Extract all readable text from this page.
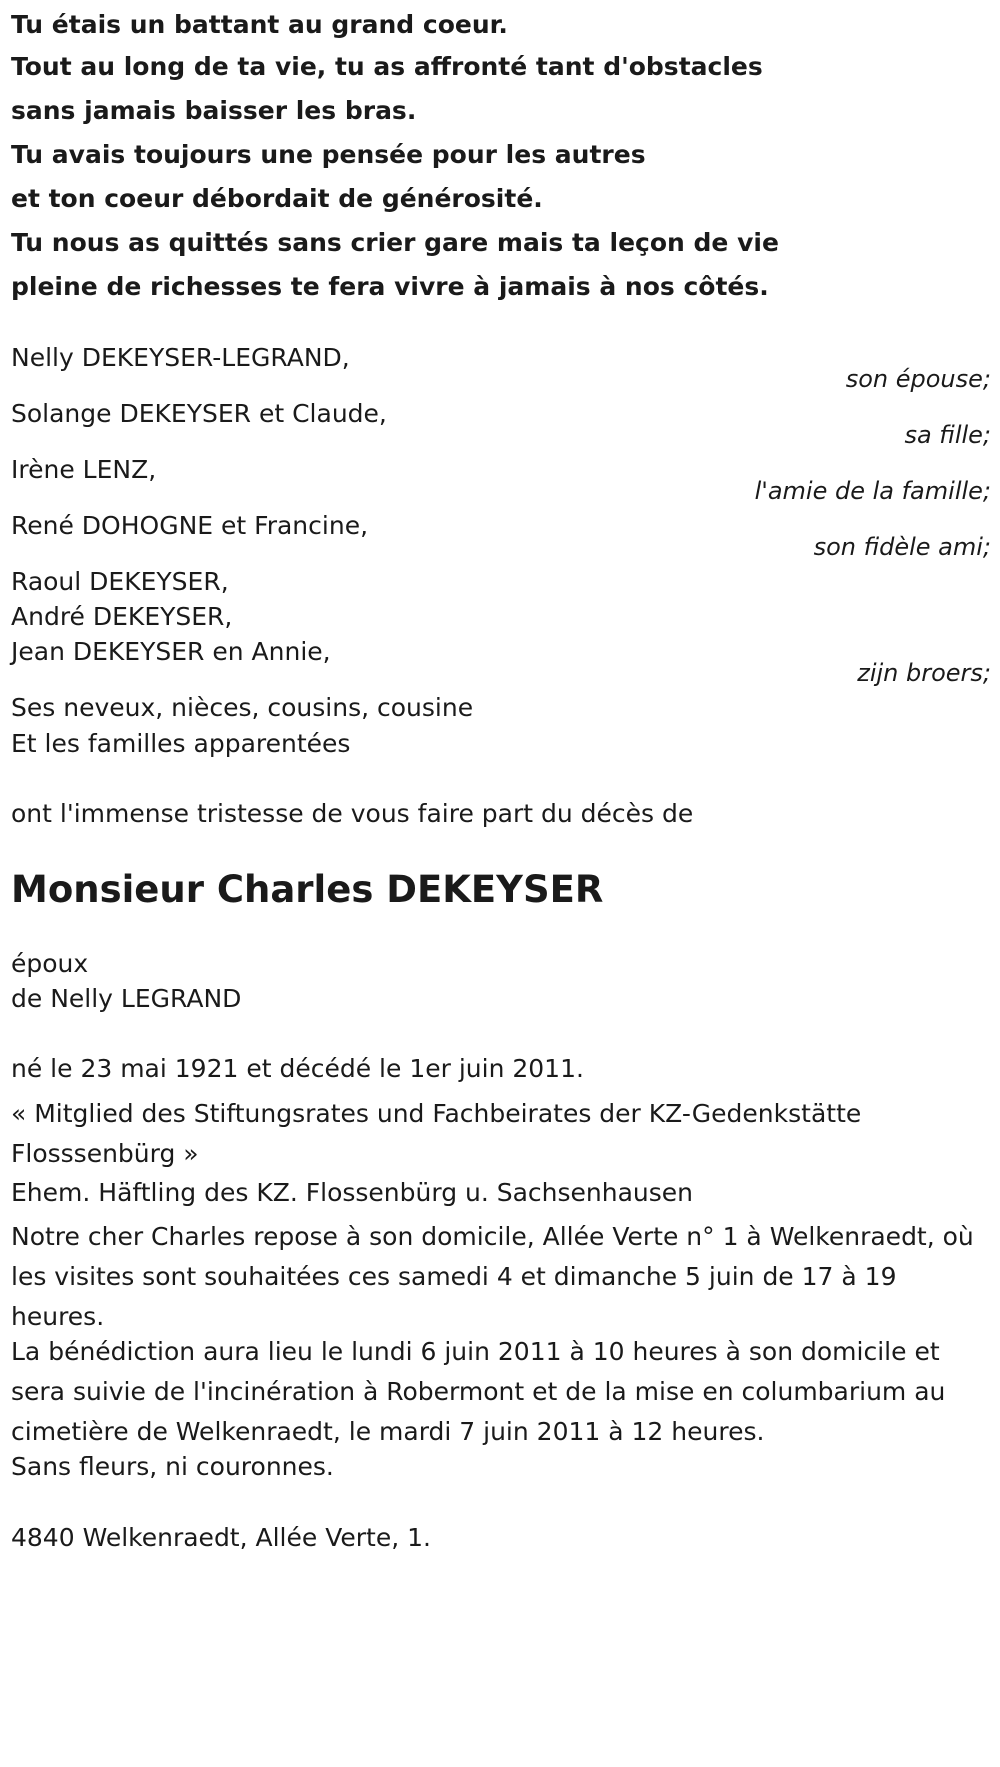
Tu étais un battant au grand coeur.
Tout au long de ta vie, tu as affronté tant d'obstacles
sans jamais baisser les bras.
Tu avais toujours une pensée pour les autres
et ton coeur débordait de générosité.
Tu nous as quittés sans crier gare mais ta leçon de vie
pleine de richesses te fera vivre à jamais à nos côtés.
Nelly DEKEYSER-LEGRAND,
son épouse;
Solange DEKEYSER et Claude,
sa fille;
Irène LENZ,
l'amie de la famille;
René DOHOGNE et Francine,
son fidèle ami;
Raoul DEKEYSER,
André DEKEYSER,
Jean DEKEYSER en Annie,
zijn broers;
Ses neveux, nièces, cousins, cousine
Et les familles apparentées
ont l'immense tristesse de vous faire part du décès de
Monsieur Charles DEKEYSER
époux
de Nelly LEGRAND
né le 23 mai 1921 et décédé le 1er juin 2011.
« Mitglied des Stiftungsrates und Fachbeirates der KZ-Gedenkstätte Flosssenbürg »
Ehem. Häftling des KZ. Flossenbürg u. Sachsenhausen
Notre cher Charles repose à son domicile, Allée Verte n° 1 à Welkenraedt, où les visites sont souhaitées ces samedi 4 et dimanche 5 juin de 17 à 19 heures.
La bénédiction aura lieu le lundi 6 juin 2011 à 10 heures à son domicile et sera suivie de l'incinération à Robermont et de la mise en columbarium au cimetière de Welkenraedt, le mardi 7 juin 2011 à 12 heures.
Sans fleurs, ni couronnes.
4840 Welkenraedt, Allée Verte, 1.
